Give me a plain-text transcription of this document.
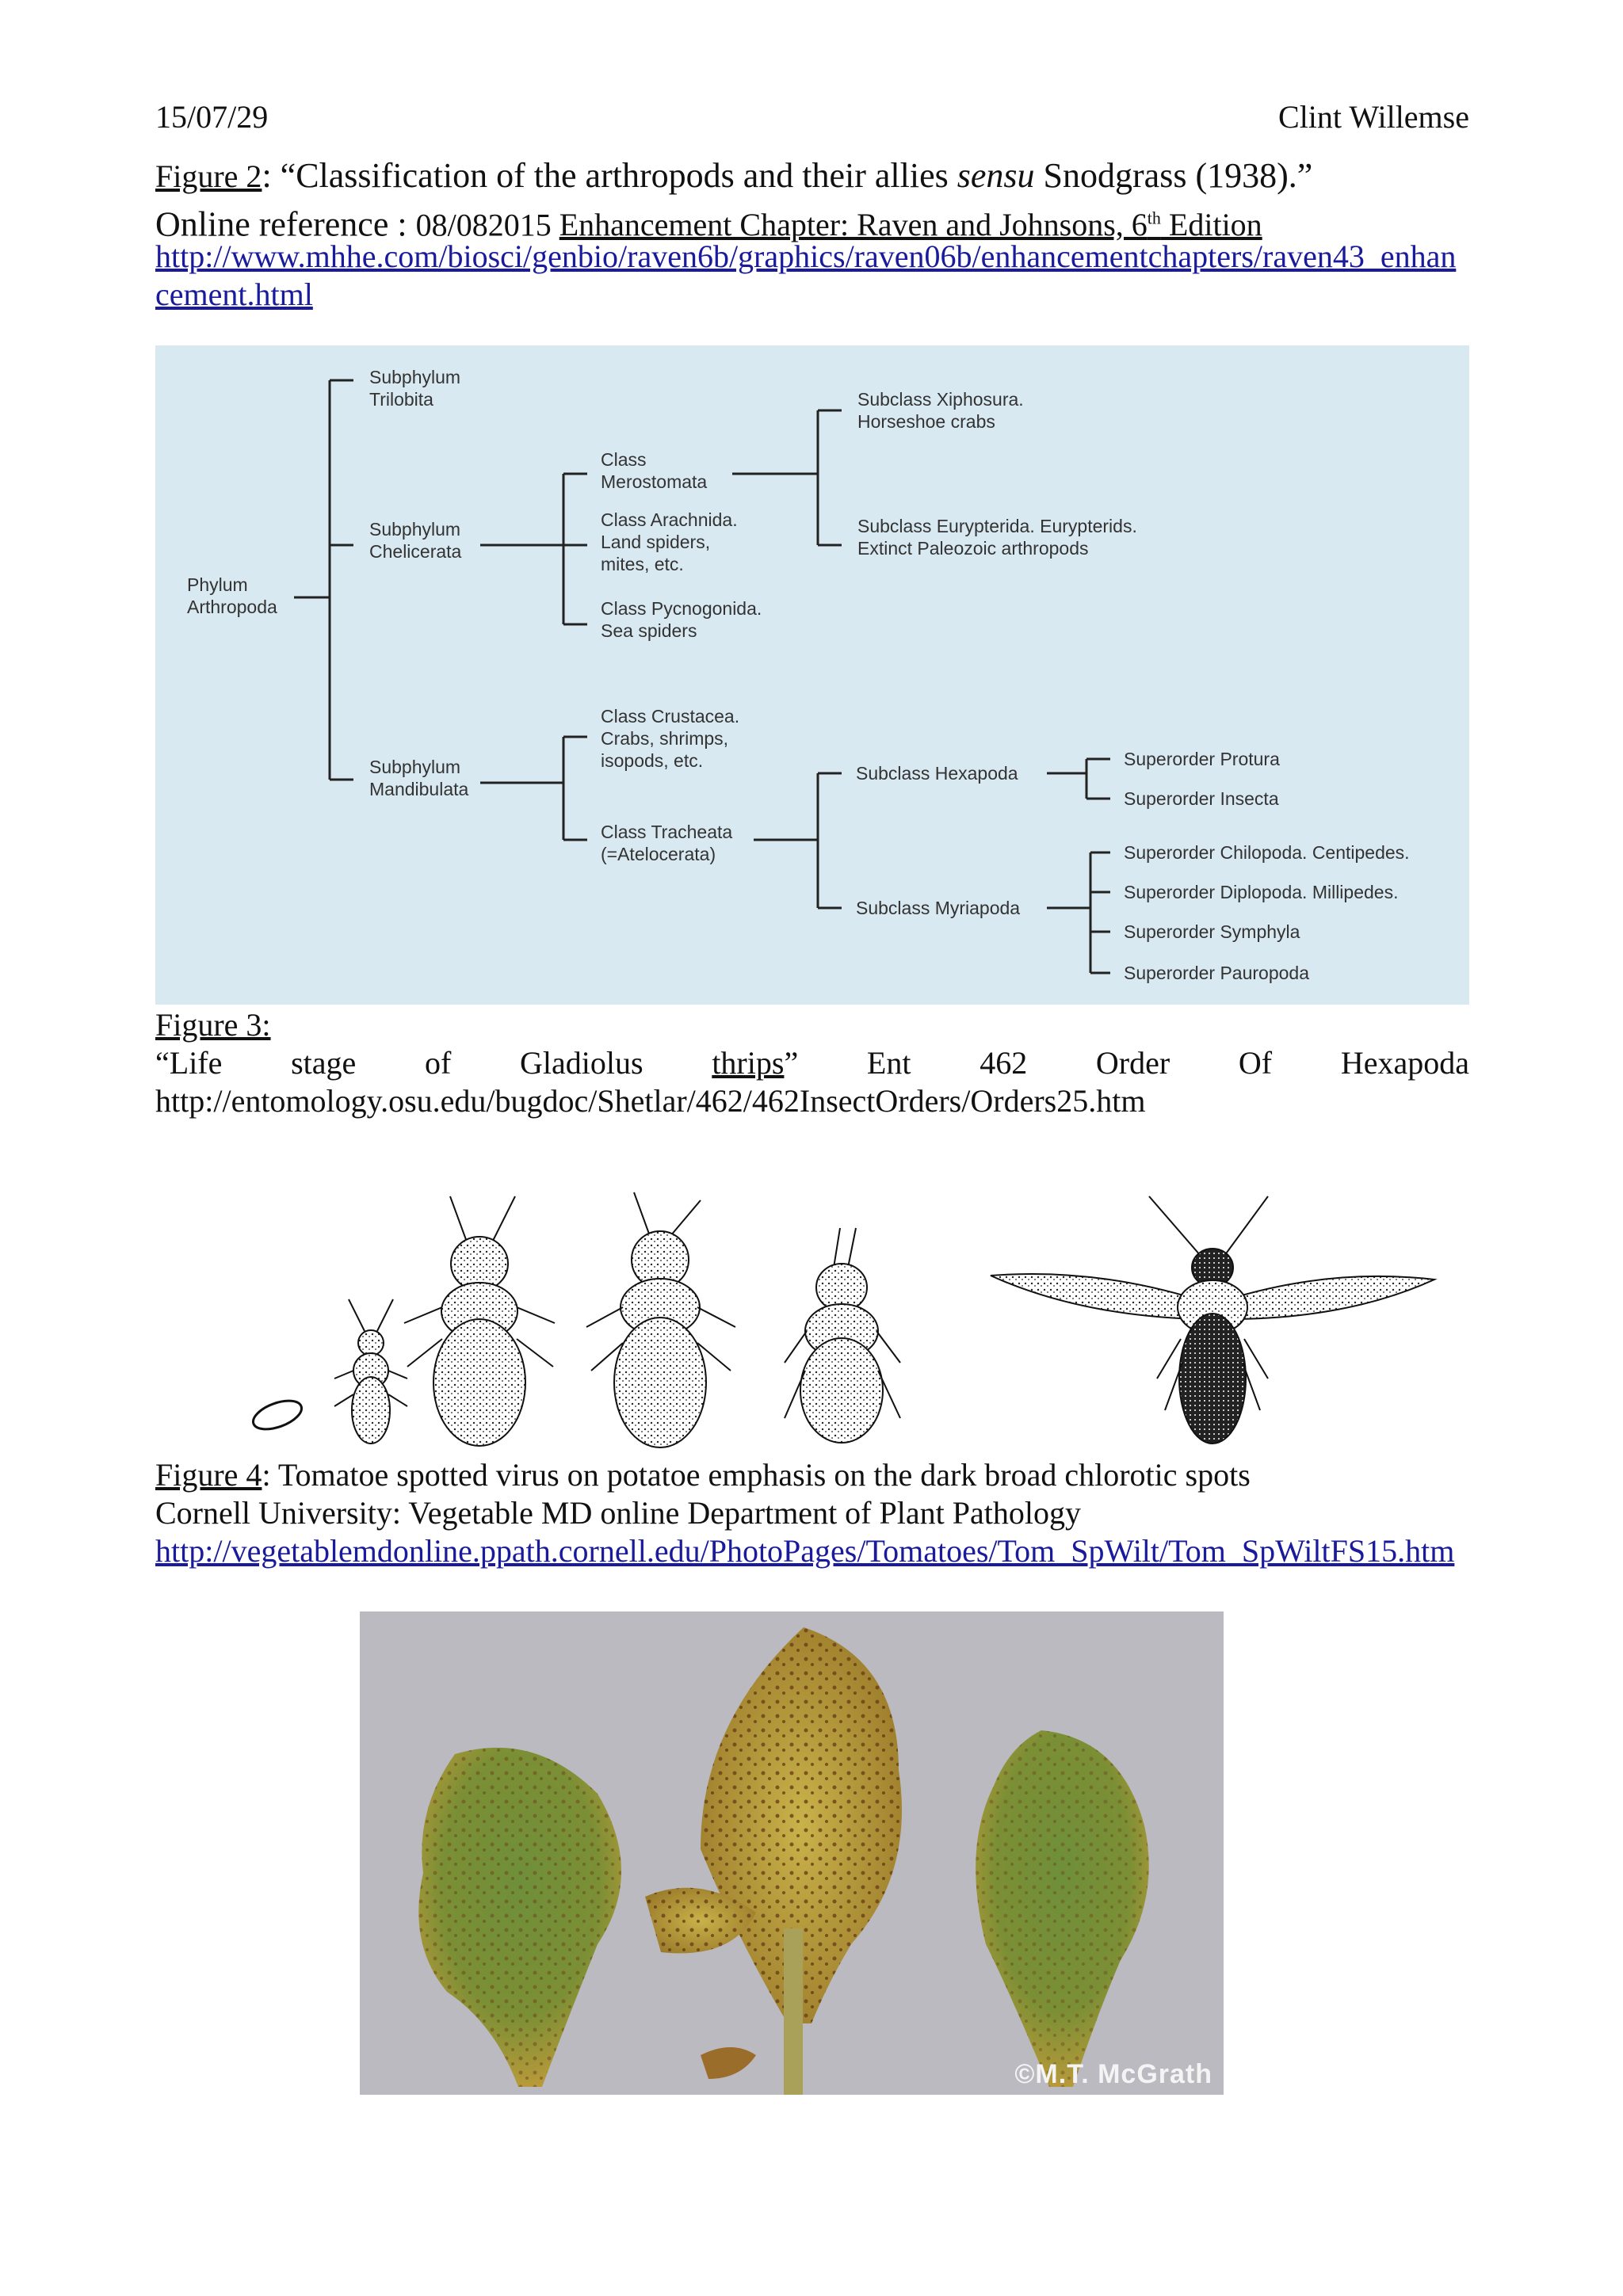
15/07/29	Clint Willemse
Figure 2: “Classification of the arthropods and their allies sensu Snodgrass (1938).”
Online reference : 08/082015 Enhancement Chapter: Raven and Johnsons, 6th Edition
http://www.mhhe.com/biosci/genbio/raven6b/graphics/raven06b/enhancementchapters/raven43_enhancement.html
Phylum
Arthropoda
Subphylum
Trilobita
Subphylum
Chelicerata
Subphylum
Mandibulata
Class
Merostomata
Class Arachnida.
Land spiders,
mites, etc.
Class Pycnogonida.
Sea spiders
Subclass Xiphosura.
Horseshoe crabs
Subclass Eurypterida. Eurypterids.
Extinct Paleozoic arthropods
Class Crustacea.
Crabs, shrimps,
isopods, etc.
Class Tracheata
(=Atelocerata)
Subclass Hexapoda
Subclass Myriapoda
Superorder Protura
Superorder Insecta
Superorder Chilopoda. Centipedes.
Superorder Diplopoda. Millipedes.
Superorder Symphyla
Superorder Pauropoda
Figure 3:
“Life stage of Gladiolus thrips” Ent 462 Order Of Hexapoda
http://entomology.osu.edu/bugdoc/Shetlar/462/462InsectOrders/Orders25.htm
Figure 4: Tomatoe spotted virus on potatoe emphasis on the dark broad chlorotic spots
Cornell University: Vegetable MD online Department of Plant Pathology
http://vegetablemdonline.ppath.cornell.edu/PhotoPages/Tomatoes/Tom_SpWilt/Tom_SpWiltFS15.htm
©M.T. McGrath
